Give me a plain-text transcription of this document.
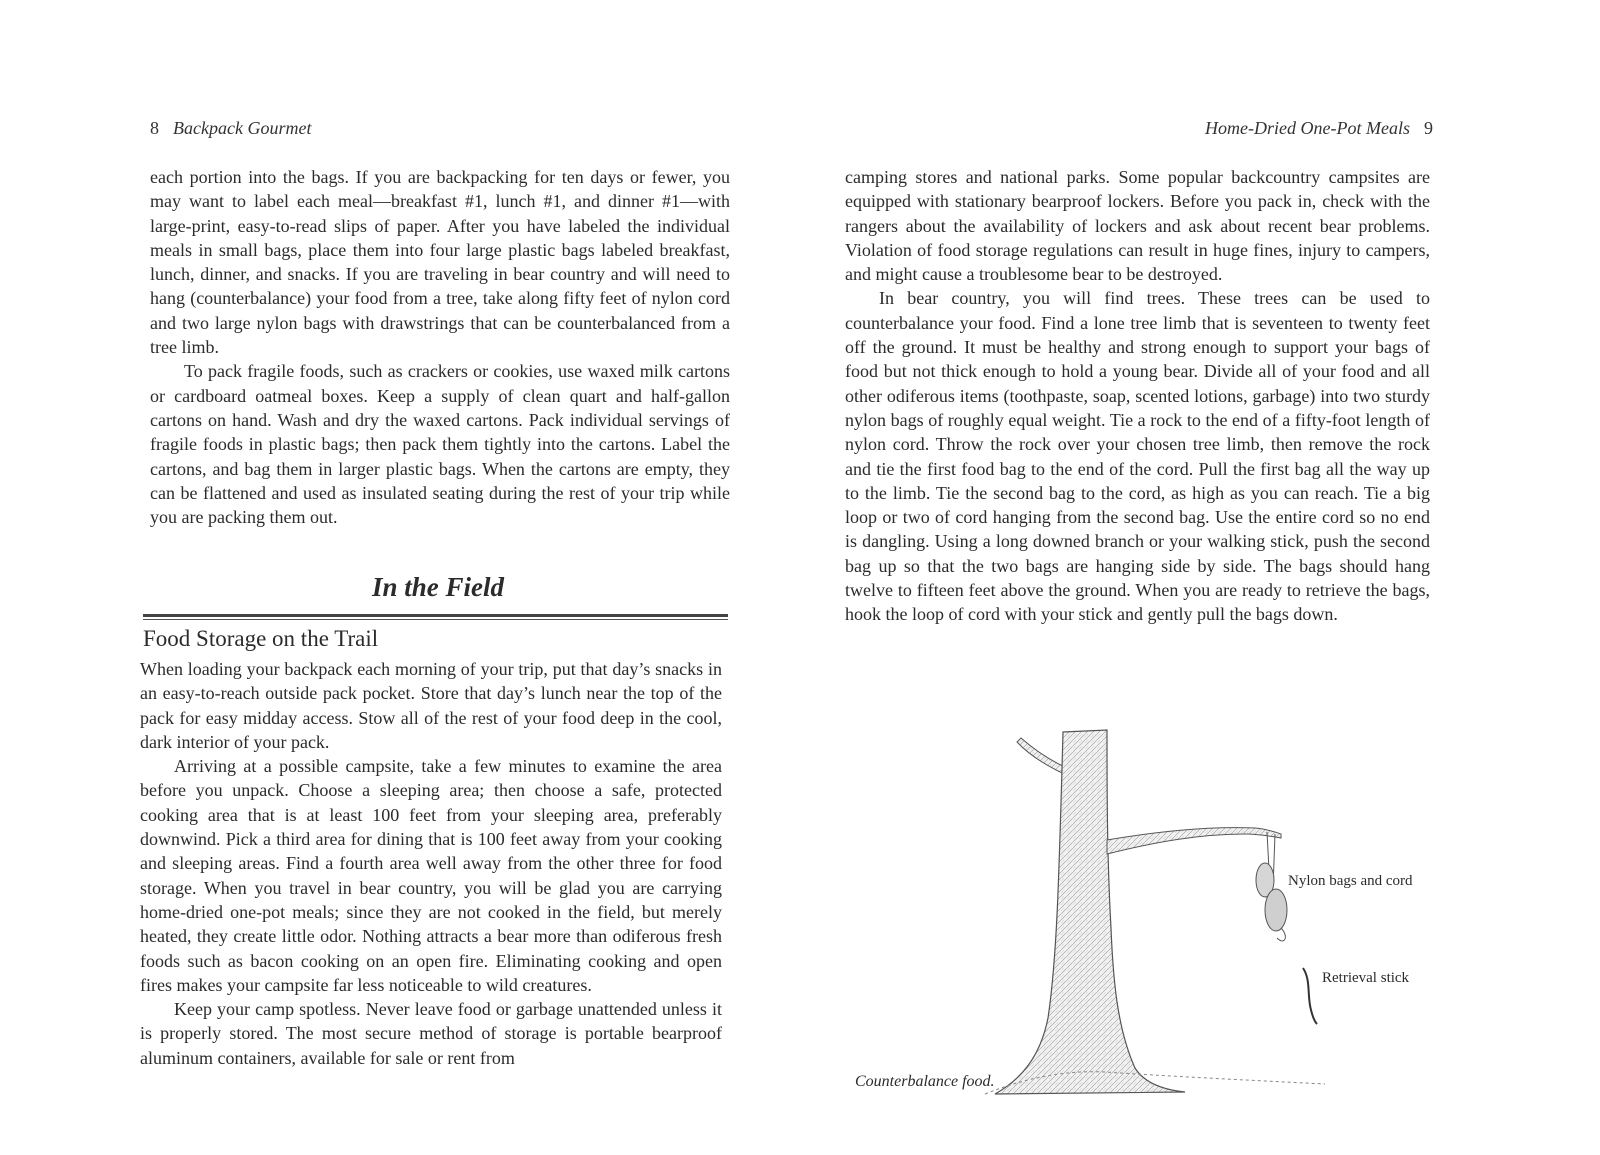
8 Backpack Gourmet

each portion into the bags. If you are backpacking for ten days or fewer, you may want to label each meal—breakfast #1, lunch #1, and dinner #1—with large-print, easy-to-read slips of paper. After you have labeled the individual meals in small bags, place them into four large plastic bags labeled breakfast, lunch, dinner, and snacks. If you are traveling in bear country and will need to hang (counterbalance) your food from a tree, take along fifty feet of nylon cord and two large nylon bags with drawstrings that can be counterbalanced from a tree limb.

To pack fragile foods, such as crackers or cookies, use waxed milk cartons or cardboard oatmeal boxes. Keep a supply of clean quart and half-gallon cartons on hand. Wash and dry the waxed cartons. Pack individual servings of fragile foods in plastic bags; then pack them tightly into the cartons. Label the cartons, and bag them in larger plastic bags. When the cartons are empty, they can be flattened and used as insulated seating during the rest of your trip while you are packing them out.

In the Field
Food Storage on the Trail

When loading your backpack each morning of your trip, put that day’s snacks in an easy-to-reach outside pack pocket. Store that day’s lunch near the top of the pack for easy midday access. Stow all of the rest of your food deep in the cool, dark interior of your pack.

Arriving at a possible campsite, take a few minutes to examine the area before you unpack. Choose a sleeping area; then choose a safe, protected cooking area that is at least 100 feet from your sleeping area, preferably downwind. Pick a third area for dining that is 100 feet away from your cooking and sleeping areas. Find a fourth area well away from the other three for food storage. When you travel in bear country, you will be glad you are carrying home-dried one-pot meals; since they are not cooked in the field, but merely heated, they create little odor. Nothing attracts a bear more than odiferous fresh foods such as bacon cooking on an open fire. Eliminating cooking and open fires makes your campsite far less noticeable to wild creatures.

Keep your camp spotless. Never leave food or garbage unattended unless it is properly stored. The most secure method of storage is portable bearproof aluminum containers, available for sale or rent from

Home-Dried One-Pot Meals 9

camping stores and national parks. Some popular backcountry campsites are equipped with stationary bearproof lockers. Before you pack in, check with the rangers about the availability of lockers and ask about recent bear problems. Violation of food storage regulations can result in huge fines, injury to campers, and might cause a troublesome bear to be destroyed.

In bear country, you will find trees. These trees can be used to counterbalance your food. Find a lone tree limb that is seventeen to twenty feet off the ground. It must be healthy and strong enough to support your bags of food but not thick enough to hold a young bear. Divide all of your food and all other odiferous items (toothpaste, soap, scented lotions, garbage) into two sturdy nylon bags of roughly equal weight. Tie a rock to the end of a fifty-foot length of nylon cord. Throw the rock over your chosen tree limb, then remove the rock and tie the first food bag to the end of the cord. Pull the first bag all the way up to the limb. Tie the second bag to the cord, as high as you can reach. Tie a big loop or two of cord hanging from the second bag. Use the entire cord so no end is dangling. Using a long downed branch or your walking stick, push the second bag up so that the two bags are hanging side by side. The bags should hang twelve to fifteen feet above the ground. When you are ready to retrieve the bags, hook the loop of cord with your stick and gently pull the bags down.

Nylon bags and cord
Retrieval stick
Counterbalance food.
